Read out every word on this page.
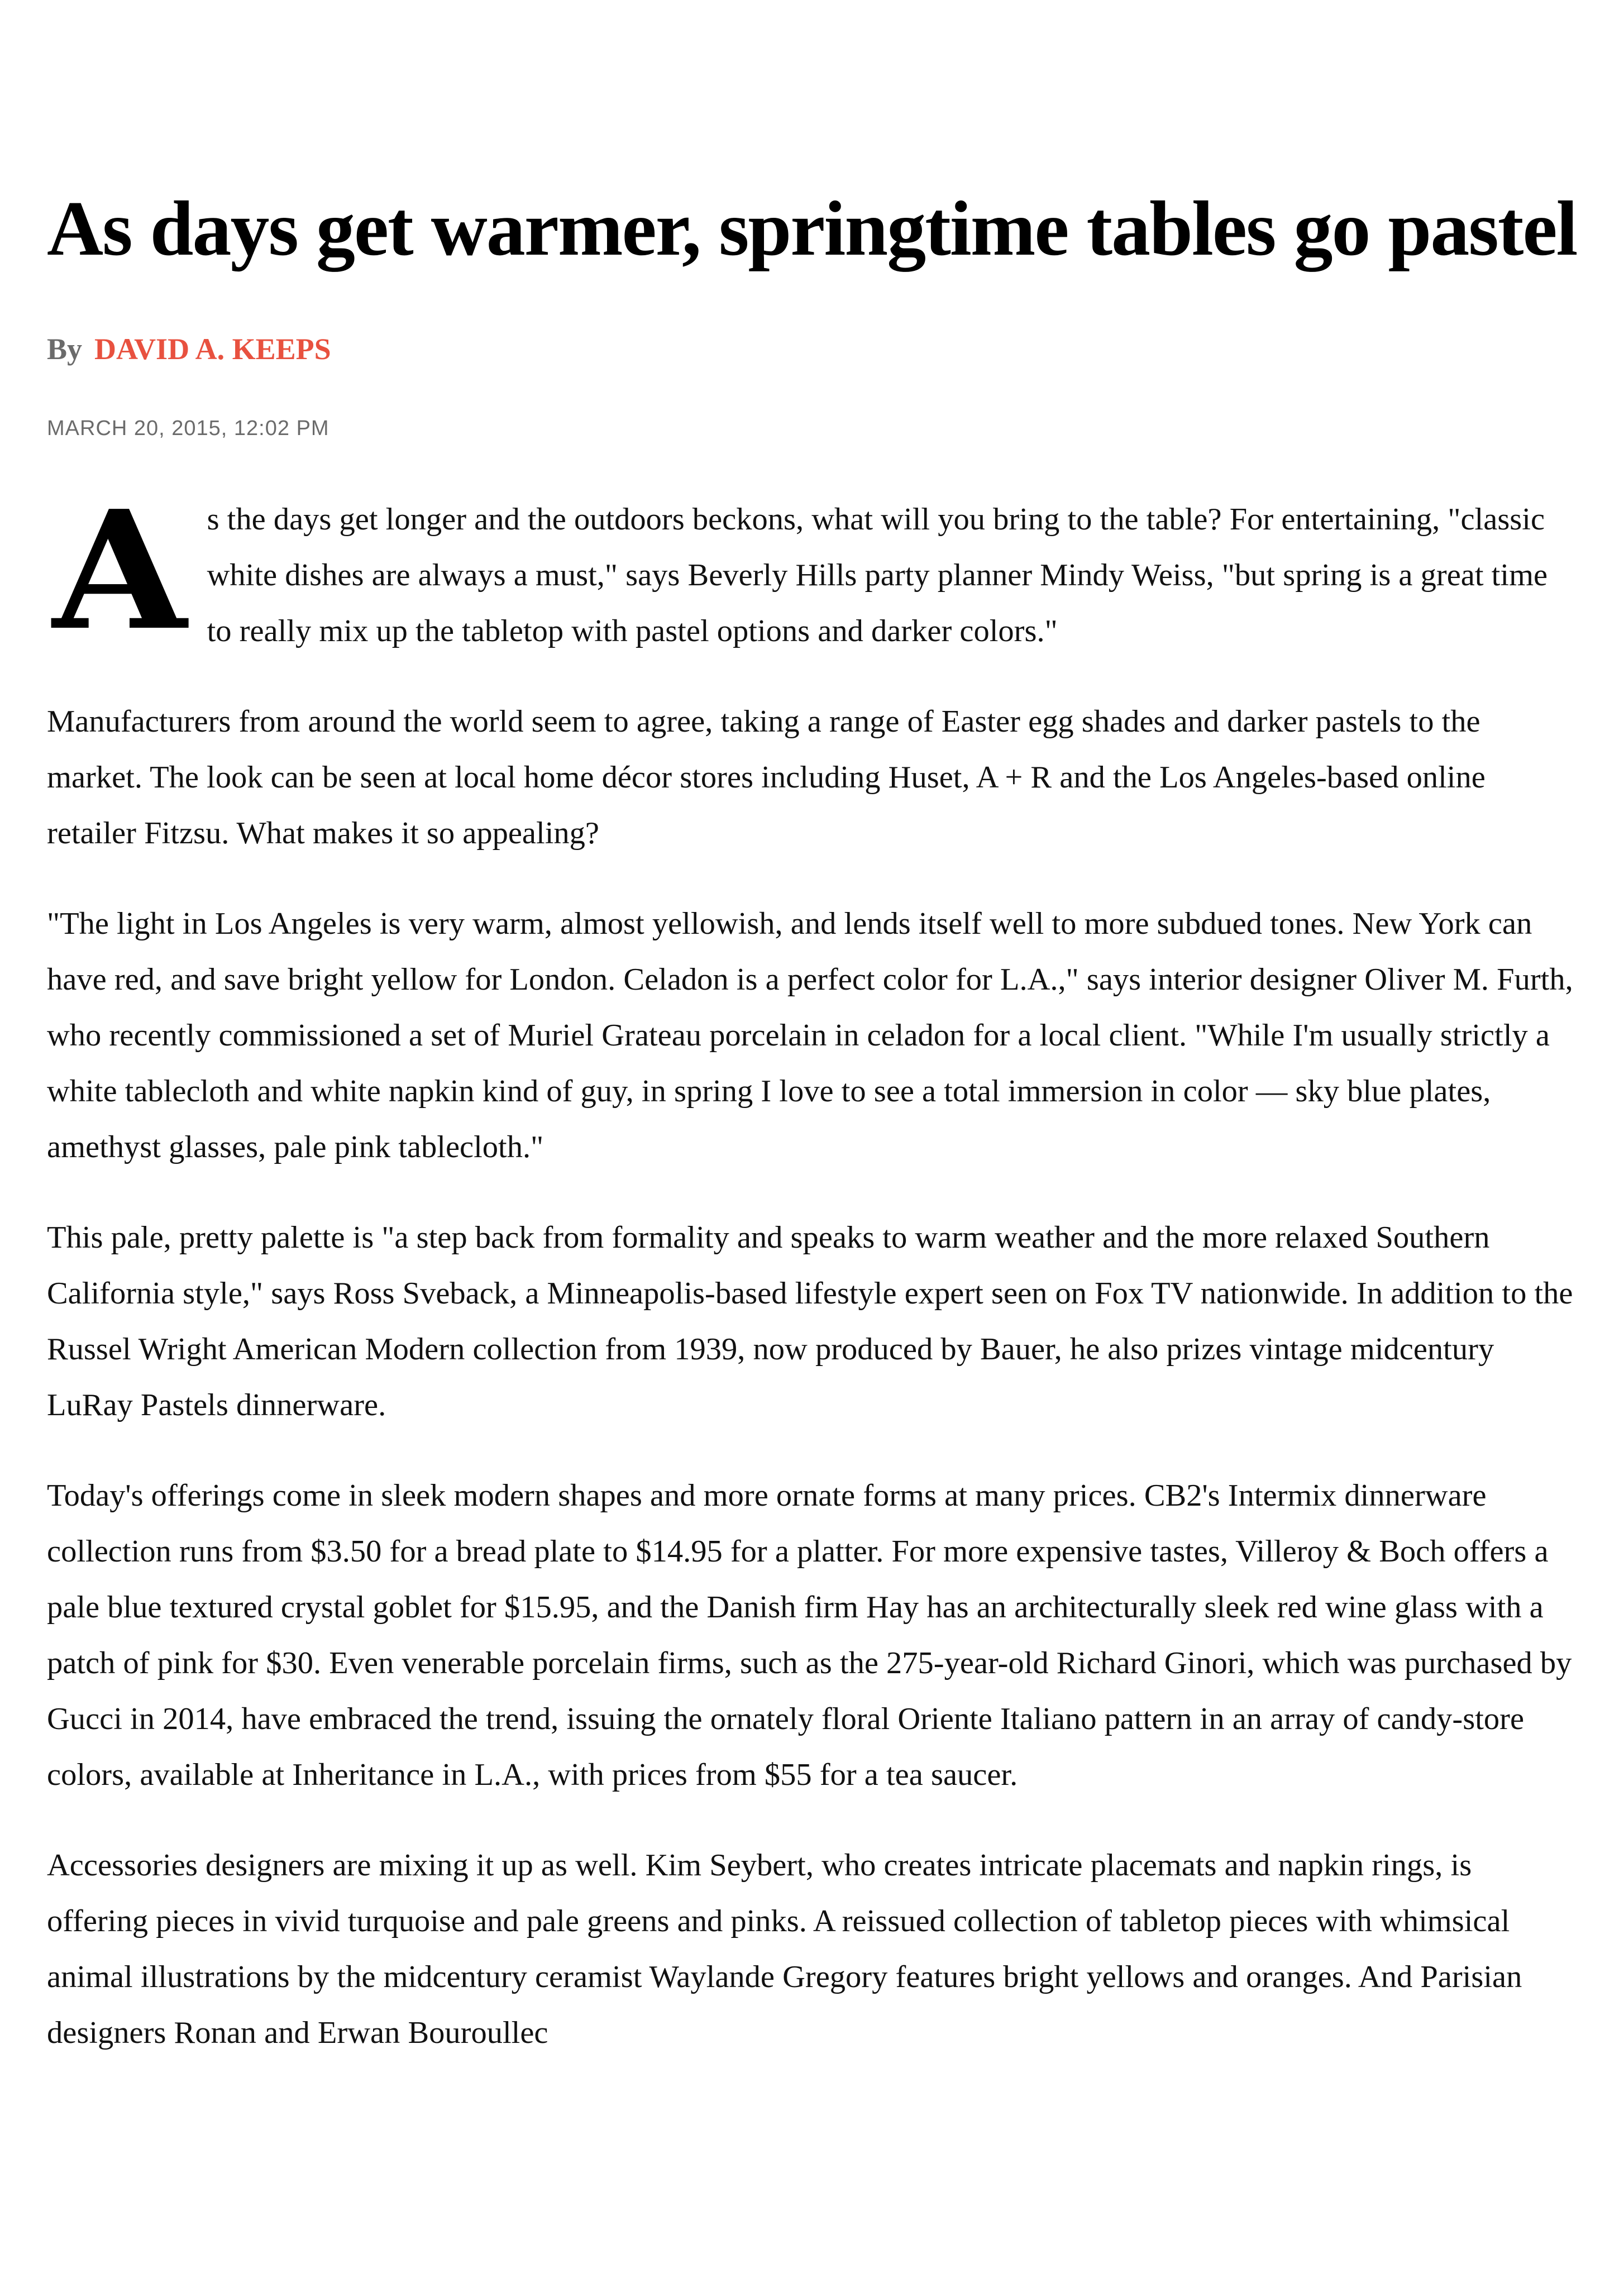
As days get warmer, springtime tables go pastel
By DAVID A. KEEPS
MARCH 20, 2015, 12:02 PM

As the days get longer and the outdoors beckons, what will you bring to the table? For entertaining, "classic white dishes are always a must," says Beverly Hills party planner Mindy Weiss, "but spring is a great time to really mix up the tabletop with pastel options and darker colors."

Manufacturers from around the world seem to agree, taking a range of Easter egg shades and darker pastels to the market. The look can be seen at local home décor stores including Huset, A + R and the Los Angeles-based online retailer Fitzsu. What makes it so appealing?

"The light in Los Angeles is very warm, almost yellowish, and lends itself well to more subdued tones. New York can have red, and save bright yellow for London. Celadon is a perfect color for L.A.," says interior designer Oliver M. Furth, who recently commissioned a set of Muriel Grateau porcelain in celadon for a local client. "While I'm usually strictly a white tablecloth and white napkin kind of guy, in spring I love to see a total immersion in color — sky blue plates, amethyst glasses, pale pink tablecloth."

This pale, pretty palette is "a step back from formality and speaks to warm weather and the more relaxed Southern California style," says Ross Sveback, a Minneapolis-based lifestyle expert seen on Fox TV nationwide. In addition to the Russel Wright American Modern collection from 1939, now produced by Bauer, he also prizes vintage midcentury LuRay Pastels dinnerware.

Today's offerings come in sleek modern shapes and more ornate forms at many prices. CB2's Intermix dinnerware collection runs from $3.50 for a bread plate to $14.95 for a platter. For more expensive tastes, Villeroy & Boch offers a pale blue textured crystal goblet for $15.95, and the Danish firm Hay has an architecturally sleek red wine glass with a patch of pink for $30. Even venerable porcelain firms, such as the 275-year-old Richard Ginori, which was purchased by Gucci in 2014, have embraced the trend, issuing the ornately floral Oriente Italiano pattern in an array of candy-store colors, available at Inheritance in L.A., with prices from $55 for a tea saucer.

Accessories designers are mixing it up as well. Kim Seybert, who creates intricate placemats and napkin rings, is offering pieces in vivid turquoise and pale greens and pinks. A reissued collection of tabletop pieces with whimsical animal illustrations by the midcentury ceramist Waylande Gregory features bright yellows and oranges. And Parisian designers Ronan and Erwan Bouroullec
